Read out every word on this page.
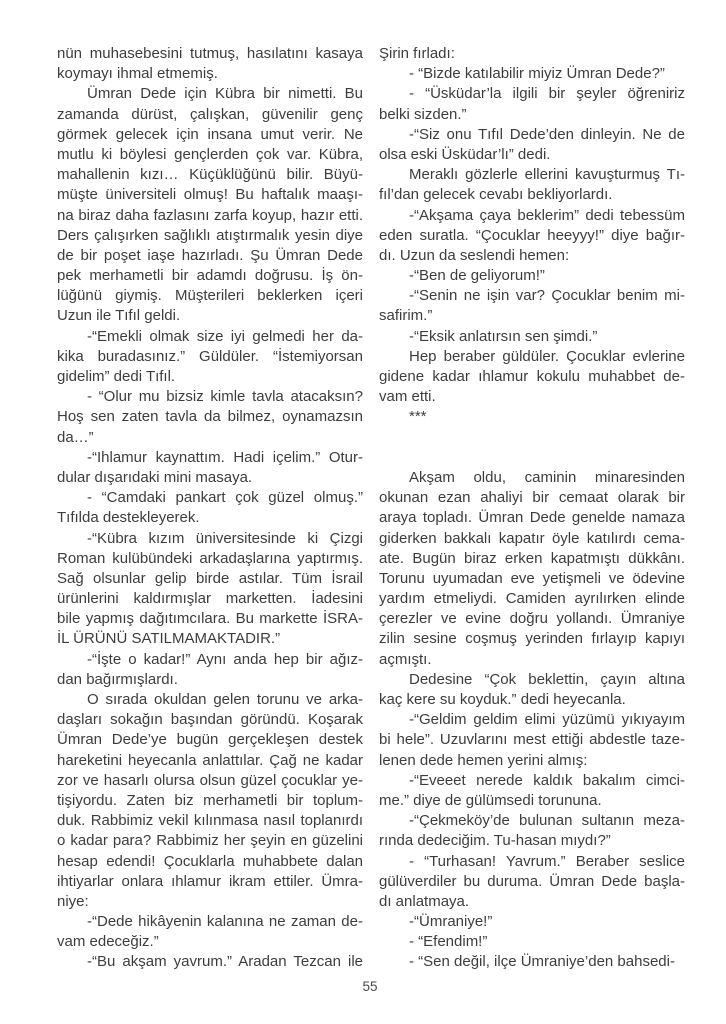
nün muhasebesini tutmuş, hasılatını kasaya
koymayı ihmal etmemiş.
Ümran Dede için Kübra bir nimetti. Bu
zamanda dürüst, çalışkan, güvenilir genç
görmek gelecek için insana umut verir. Ne
mutlu ki böylesi gençlerden çok var. Kübra,
mahallenin kızı… Küçüklüğünü bilir. Büyü-
müşte üniversiteli olmuş! Bu haftalık maaşı-
na biraz daha fazlasını zarfa koyup, hazır etti.
Ders çalışırken sağlıklı atıştırmalık yesin diye
de bir poşet iaşe hazırladı. Şu Ümran Dede
pek merhametli bir adamdı doğrusu. İş ön-
lüğünü giymiş. Müşterileri beklerken içeri
Uzun ile Tıfıl geldi.
-“Emekli olmak size iyi gelmedi her da-
kika buradasınız.” Güldüler. “İstemiyorsan
gidelim” dedi Tıfıl.
- “Olur mu bizsiz kimle tavla atacaksın?
Hoş sen zaten tavla da bilmez, oynamazsın
da…”
-“Ihlamur kaynattım. Hadi içelim.” Otur-
dular dışarıdaki mini masaya.
- “Camdaki pankart çok güzel olmuş.”
Tıfılda destekleyerek.
-“Kübra kızım üniversitesinde ki Çizgi
Roman kulübündeki arkadaşlarına yaptırmış.
Sağ olsunlar gelip birde astılar. Tüm İsrail
ürünlerini kaldırmışlar marketten. İadesini
bile yapmış dağıtımcılara. Bu markette İSRA-
İL ÜRÜNÜ SATILMAMAKTADIR.”
-“İşte o kadar!” Aynı anda hep bir ağız-
dan bağırmışlardı.
O sırada okuldan gelen torunu ve arka-
daşları sokağın başından göründü. Koşarak
Ümran Dede’ye bugün gerçekleşen destek
hareketini heyecanla anlattılar. Çağ ne kadar
zor ve hasarlı olursa olsun güzel çocuklar ye-
tişiyordu. Zaten biz merhametli bir toplum-
duk. Rabbimiz vekil kılınmasa nasıl toplanırdı
o kadar para? Rabbimiz her şeyin en güzelini
hesap edendi! Çocuklarla muhabbete dalan
ihtiyarlar onlara ıhlamur ikram ettiler. Ümra-
niye:
-“Dede hikâyenin kalanına ne zaman de-
vam edeceğiz.”
-“Bu akşam yavrum.” Aradan Tezcan ile
Şirin fırladı:
- “Bizde katılabilir miyiz Ümran Dede?”
- “Üsküdar’la ilgili bir şeyler öğreniriz
belki sizden.”
-“Siz onu Tıfıl Dede’den dinleyin. Ne de
olsa eski Üsküdar’lı” dedi.
Meraklı gözlerle ellerini kavuşturmuş Tı-
fıl’dan gelecek cevabı bekliyorlardı.
-“Akşama çaya beklerim” dedi tebessüm
eden suratla. “Çocuklar heeyyy!” diye bağır-
dı. Uzun da seslendi hemen:
-“Ben de geliyorum!”
-“Senin ne işin var? Çocuklar benim mi-
safirim.”
-“Eksik anlatırsın sen şimdi.”
Hep beraber güldüler. Çocuklar evlerine
gidene kadar ıhlamur kokulu muhabbet de-
vam etti.
***
Akşam oldu, caminin minaresinden
okunan ezan ahaliyi bir cemaat olarak bir
araya topladı. Ümran Dede genelde namaza
giderken bakkalı kapatır öyle katılırdı cema-
ate. Bugün biraz erken kapatmıştı dükkânı.
Torunu uyumadan eve yetişmeli ve ödevine
yardım etmeliydi. Camiden ayrılırken elinde
çerezler ve evine doğru yollandı. Ümraniye
zilin sesine coşmuş yerinden fırlayıp kapıyı
açmıştı.
Dedesine “Çok beklettin, çayın altına
kaç kere su koyduk.” dedi heyecanla.
-“Geldim geldim elimi yüzümü yıkıyayım
bi hele”. Uzuvlarını mest ettiği abdestle taze-
lenen dede hemen yerini almış:
-“Eveeet nerede kaldık bakalım cimci-
me.” diye de gülümsedi torununa.
-“Çekmeköy’de bulunan sultanın meza-
rında dedeciğim. Tu-hasan mıydı?”
- “Turhasan! Yavrum.” Beraber seslice
gülüverdiler bu duruma. Ümran Dede başla-
dı anlatmaya.
-“Ümraniye!”
- “Efendim!”
- “Sen değil, ilçe Ümraniye’den bahsedi-
55
